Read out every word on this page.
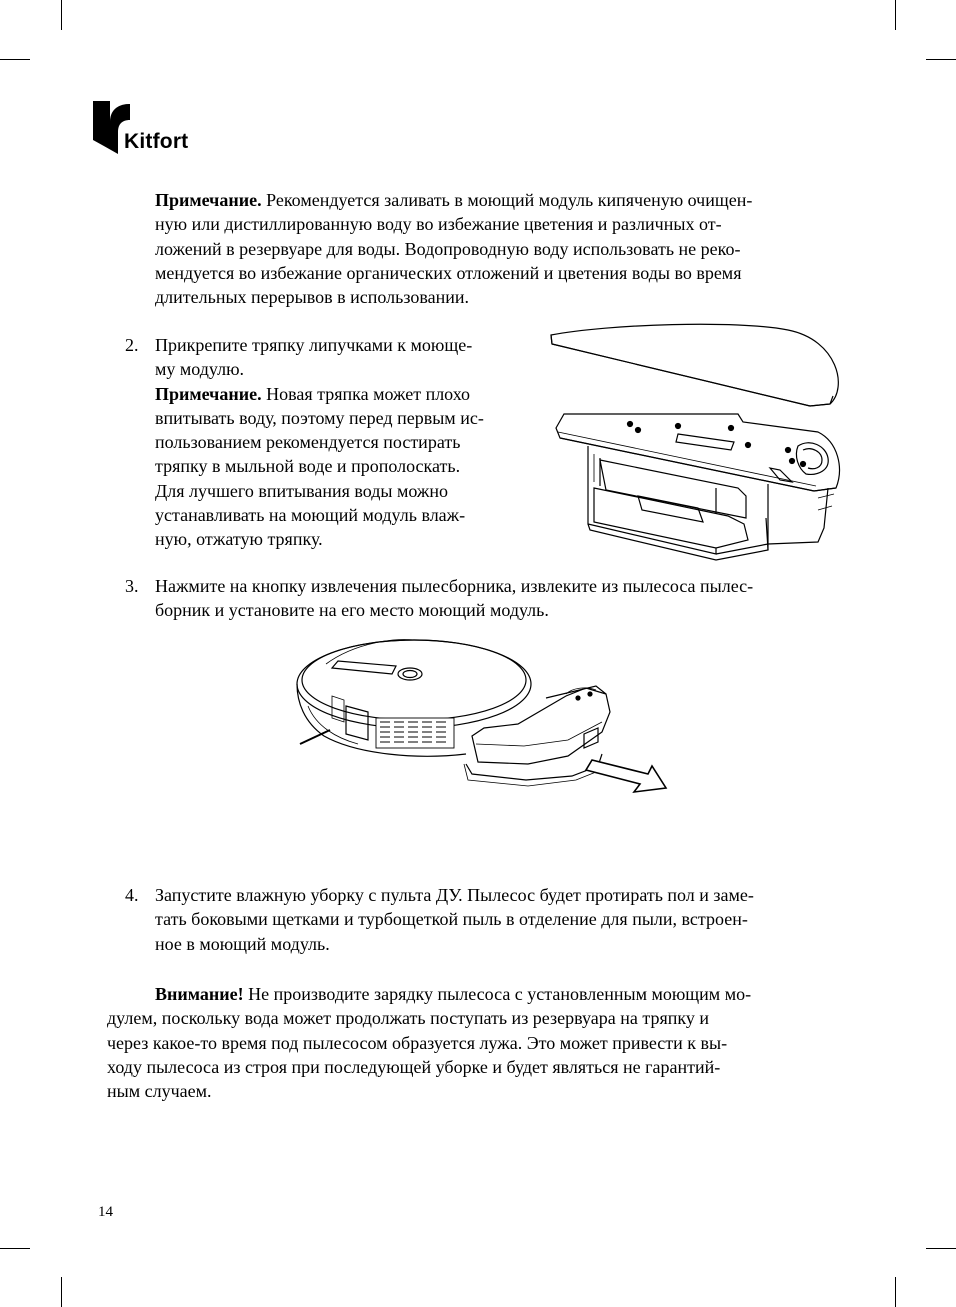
Kitfort
Примечание. Рекомендуется заливать в моющий модуль кипяченую очищен-
ную или дистиллированную воду во избежание цветения и различных от-
ложений в резервуаре для воды. Водопроводную воду использовать не реко-
мендуется во избежание органических отложений и цветения воды во время
длительных перерывов в использовании.
2. Прикрепите тряпку липучками к моюще-
му модулю.
Примечание. Новая тряпка может плохо
впитывать воду, поэтому перед первым ис-
пользованием рекомендуется постирать
тряпку в мыльной воде и прополоскать.
Для лучшего впитывания воды можно
устанавливать на моющий модуль влаж-
ную, отжатую тряпку.
3. Нажмите на кнопку извлечения пылесборника, извлеките из пылесоса пылес-
борник и установите на его место моющий модуль.
4. Запустите влажную уборку с пульта ДУ. Пылесос будет протирать пол и заме-
тать боковыми щетками и турбощеткой пыль в отделение для пыли, встроен-
ное в моющий модуль.
Внимание! Не производите зарядку пылесоса с установленным моющим мо-
дулем, поскольку вода может продолжать поступать из резервуара на тряпку и
через какое-то время под пылесосом образуется лужа. Это может привести к вы-
ходу пылесоса из строя при последующей уборке и будет являться не гарантий-
ным случаем.
14
